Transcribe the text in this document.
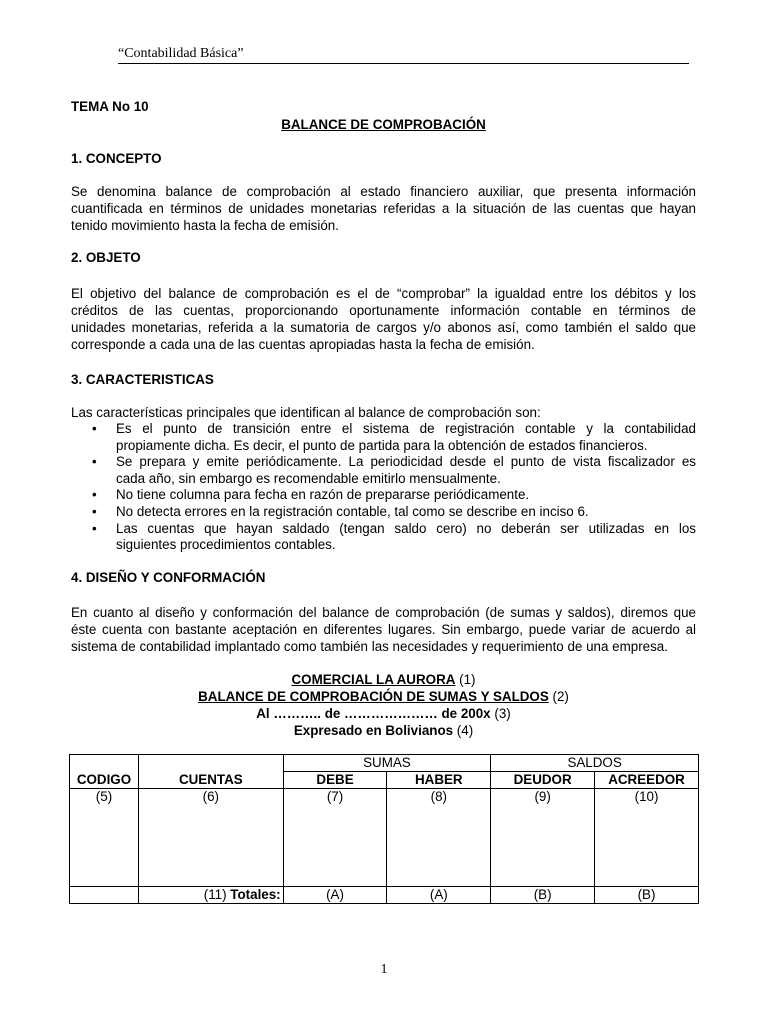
“Contabilidad Básica”
TEMA No 10
BALANCE DE COMPROBACIÓN
1. CONCEPTO
Se denomina balance de comprobación al estado financiero auxiliar, que presenta información
cuantificada en términos de unidades monetarias referidas a la situación de las cuentas que hayan
tenido movimiento hasta la fecha de emisión.
2. OBJETO
El objetivo del balance de comprobación es el de “comprobar” la igualdad entre los débitos y los
créditos de las cuentas, proporcionando oportunamente información contable en términos de
unidades monetarias, referida a la sumatoria de cargos y/o abonos así, como también el saldo que
corresponde a cada una de las cuentas apropiadas hasta la fecha de emisión.
3. CARACTERISTICAS
Las características principales que identifican al balance de comprobación son:
• Es el punto de transición entre el sistema de registración contable y la contabilidad
propiamente dicha. Es decir, el punto de partida para la obtención de estados financieros.
• Se prepara y emite periódicamente. La periodicidad desde el punto de vista fiscalizador es
cada año, sin embargo es recomendable emitirlo mensualmente.
• No tiene columna para fecha en razón de prepararse periódicamente.
• No detecta errores en la registración contable, tal como se describe en inciso 6.
• Las cuentas que hayan saldado (tengan saldo cero) no deberán ser utilizadas en los
siguientes procedimientos contables.
4. DISEÑO Y CONFORMACIÓN
En cuanto al diseño y conformación del balance de comprobación (de sumas y saldos), diremos que
éste cuenta con bastante aceptación en diferentes lugares. Sin embargo, puede variar de acuerdo al
sistema de contabilidad implantado como también las necesidades y requerimiento de una empresa.
COMERCIAL LA AURORA (1)
BALANCE DE COMPROBACIÓN DE SUMAS Y SALDOS (2)
Al ……….. de ………………… de 200x (3)
Expresado en Bolivianos (4)
CODIGO	CUENTAS	SUMAS		SALDOS	
		DEBE	HABER	DEUDOR	ACREEDOR
(5)	(6)	(7)	(8)	(9)	(10)
	(11) Totales:	(A)	(A)	(B)	(B)
1
